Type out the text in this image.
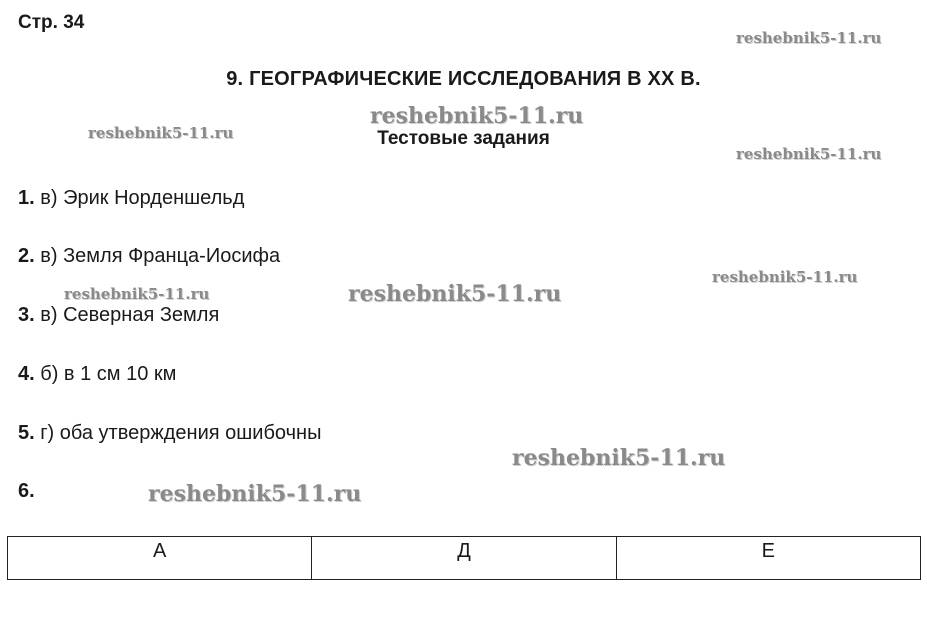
Стр. 34
9. ГЕОГРАФИЧЕСКИЕ ИССЛЕДОВАНИЯ В XX В.
Тестовые задания
1. в) Эрик Норденшельд
2. в) Земля Франца-Иосифа
3. в) Северная Земля
4. б) в 1 см 10 км
5. г) оба утверждения ошибочны
6.
А	Д	Е
reshebnik5-11.ru
reshebnik5-11.ru
reshebnik5-11.ru
reshebnik5-11.ru
reshebnik5-11.ru
reshebnik5-11.ru	reshebnik5-11.ru
reshebnik5-11.ru
reshebnik5-11.ru
